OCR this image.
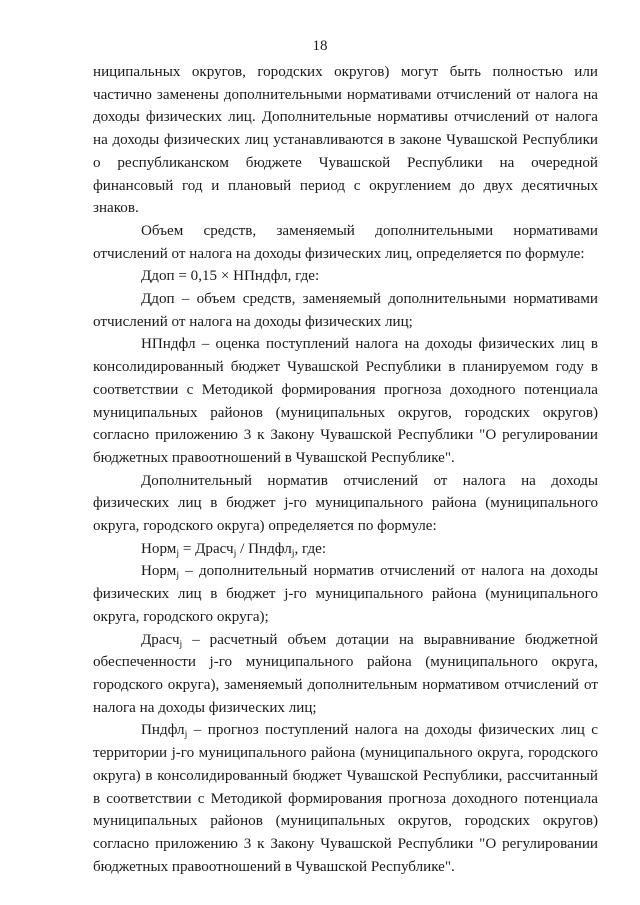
18

ниципальных округов, городских округов) могут быть полностью или частично заменены дополнительными нормативами отчислений от налога на доходы физических лиц. Дополнительные нормативы отчислений от налога на доходы физических лиц устанавливаются в законе Чувашской Республики о республиканском бюджете Чувашской Республики на очередной финансовый год и плановый период с округлением до двух десятичных знаков.

Объем средств, заменяемый дополнительными нормативами отчислений от налога на доходы физических лиц, определяется по формуле:

Ддоп = 0,15 × НПндфл, где:

Ддоп – объем средств, заменяемый дополнительными нормативами отчислений от налога на доходы физических лиц;

НПндфл – оценка поступлений налога на доходы физических лиц в консолидированный бюджет Чувашской Республики в планируемом году в соответствии с Методикой формирования прогноза доходного потенциала муниципальных районов (муниципальных округов, городских округов) согласно приложению 3 к Закону Чувашской Республики "О регулировании бюджетных правоотношений в Чувашской Республике".

Дополнительный норматив отчислений от налога на доходы физических лиц в бюджет j-го муниципального района (муниципального округа, городского округа) определяется по формуле:

Норм$_j$ = Драсч$_j$ / Пндфл$_j$, где:

Норм$_j$ – дополнительный норматив отчислений от налога на доходы физических лиц в бюджет j-го муниципального района (муниципального округа, городского округа);

Драсч$_j$ – расчетный объем дотации на выравнивание бюджетной обеспеченности j-го муниципального района (муниципального округа, городского округа), заменяемый дополнительным нормативом отчислений от налога на доходы физических лиц;

Пндфл$_j$ – прогноз поступлений налога на доходы физических лиц с территории j-го муниципального района (муниципального округа, городского округа) в консолидированный бюджет Чувашской Республики, рассчитанный в соответствии с Методикой формирования прогноза доходного потенциала муниципальных районов (муниципальных округов, городских округов) согласно приложению 3 к Закону Чувашской Республики "О регулировании бюджетных правоотношений в Чувашской Республике".
